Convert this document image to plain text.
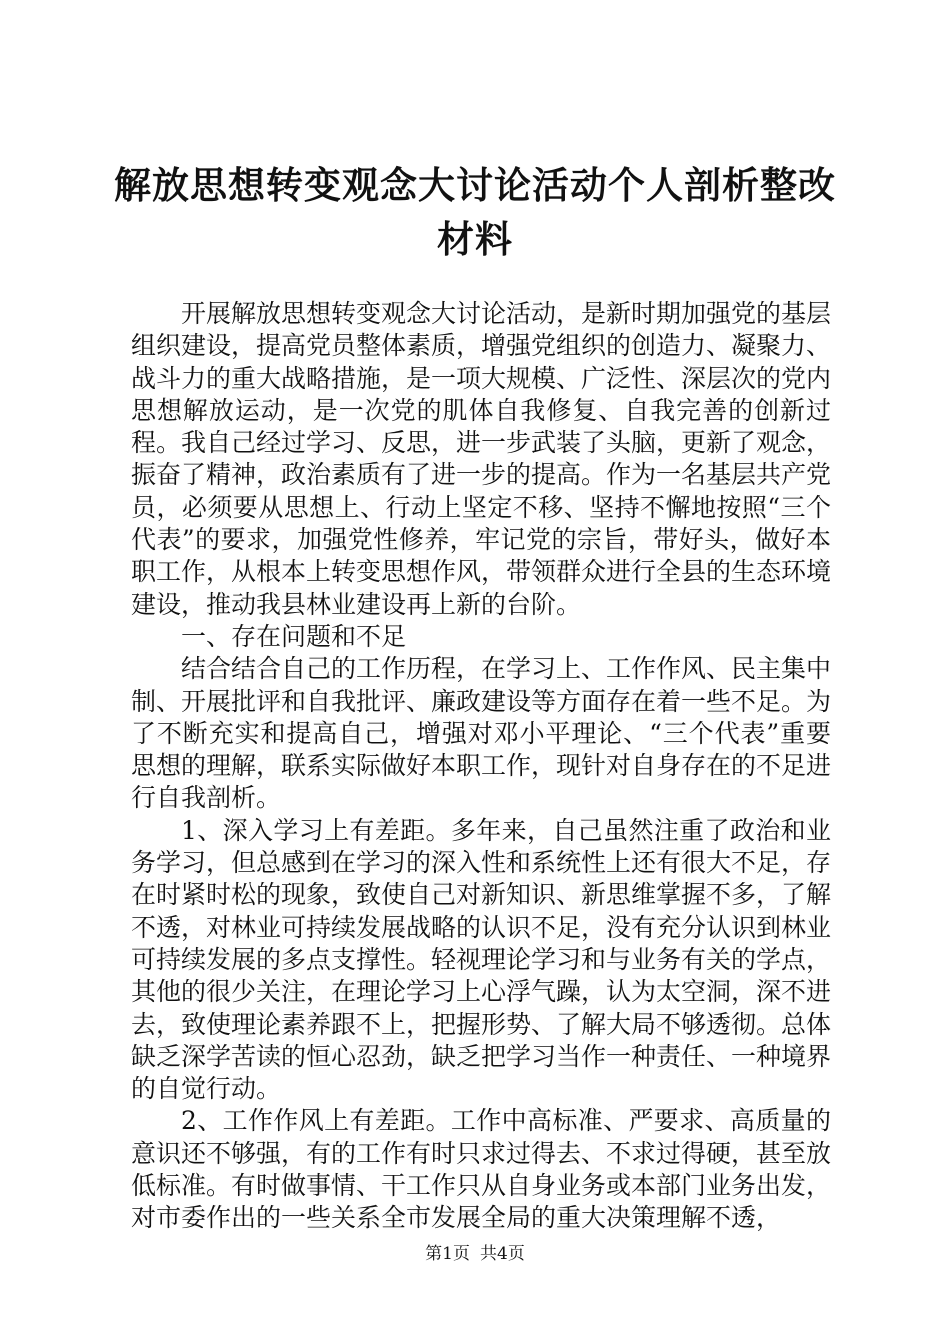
解放思想转变观念大讨论活动个人剖析整改材料

开展解放思想转变观念大讨论活动，是新时期加强党的基层组织建设，提高党员整体素质，增强党组织的创造力、凝聚力、战斗力的重大战略措施，是一项大规模、广泛性、深层次的党内思想解放运动，是一次党的肌体自我修复、自我完善的创新过程。我自己经过学习、反思，进一步武装了头脑，更新了观念，振奋了精神，政治素质有了进一步的提高。作为一名基层共产党员，必须要从思想上、行动上坚定不移、坚持不懈地按照“三个代表”的要求，加强党性修养，牢记党的宗旨，带好头，做好本职工作，从根本上转变思想作风，带领群众进行全县的生态环境建设，推动我县林业建设再上新的台阶。

一、存在问题和不足

结合结合自己的工作历程，在学习上、工作作风、民主集中制、开展批评和自我批评、廉政建设等方面存在着一些不足。为了不断充实和提高自己，增强对邓小平理论、“三个代表”重要思想的理解，联系实际做好本职工作，现针对自身存在的不足进行自我剖析。

1、深入学习上有差距。多年来，自己虽然注重了政治和业务学习，但总感到在学习的深入性和系统性上还有很大不足，存在时紧时松的现象，致使自己对新知识、新思维掌握不多，了解不透，对林业可持续发展战略的认识不足，没有充分认识到林业可持续发展的多点支撑性。轻视理论学习和与业务有关的学点，其他的很少关注，在理论学习上心浮气躁，认为太空洞，深不进去，致使理论素养跟不上，把握形势、了解大局不够透彻。总体缺乏深学苦读的恒心忍劲，缺乏把学习当作一种责任、一种境界的自觉行动。

2、工作作风上有差距。工作中高标准、严要求、高质量的意识还不够强，有的工作有时只求过得去、不求过得硬，甚至放低标准。有时做事情、干工作只从自身业务或本部门业务出发，对市委作出的一些关系全市发展全局的重大决策理解不透，

第1页 共4页
